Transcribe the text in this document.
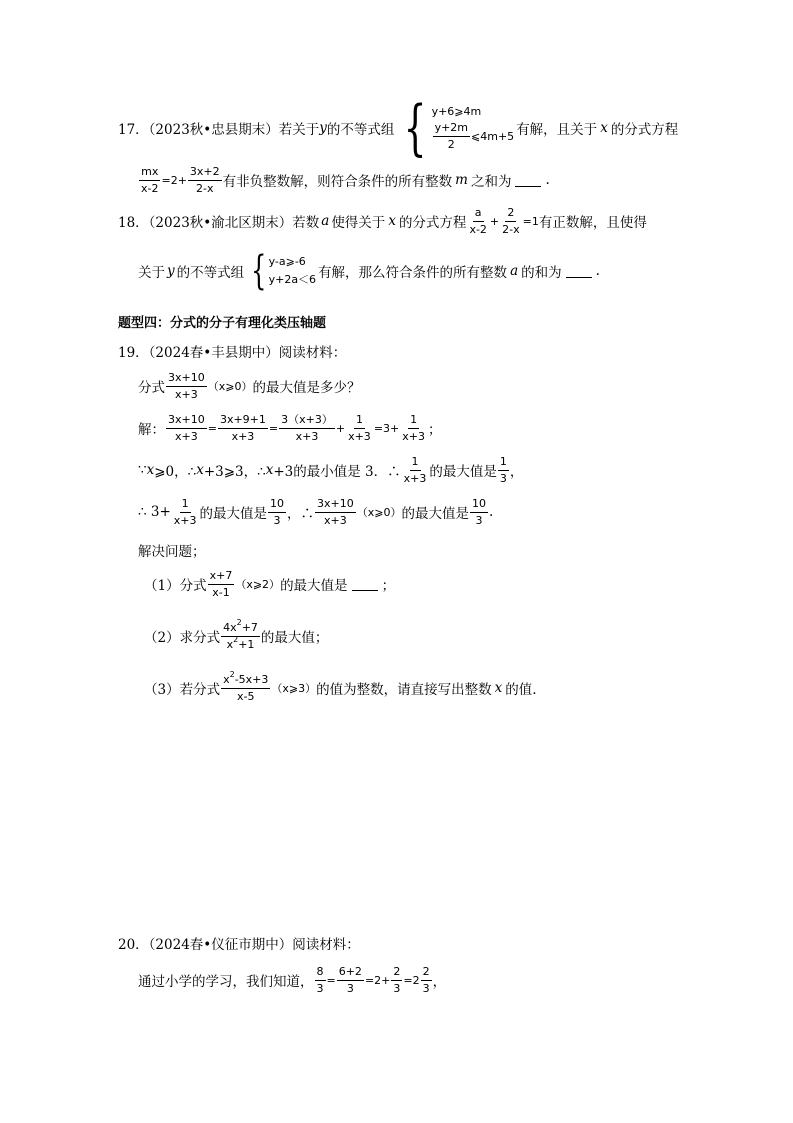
17．（2023秋•忠县期末）若关于 y 的不等式组 { y+6⩾4m
$\frac{y+2m}{2}$ ⩽4m+5 有解，且关于 x 的分式方程
$\frac{mx}{x-2} =2+ \frac{3x+2}{2-x}$ 有非负整数解，则符合条件的所有整数 m 之和为	.
18．（2023秋•渝北区期末）若数 a 使得关于 x 的分式方程 $\frac{a}{x-2} + \frac{2}{2-x} =1$ 有正数解，且使得
关于 y 的不等式组 { y-a⩾-6
y+2a＜6 有解，那么符合条件的所有整数 a 的和为	.
题型四：分式的分子有理化类压轴题
19．（2024春•丰县期中）阅读材料：
分式 $\frac{3x+10}{x+3}$ （x⩾0） 的最大值是多少？
解： $\frac{3x+10}{x+3} = \frac{3x+9+1}{x+3} = \frac{3(x+3)}{x+3} + \frac{1}{x+3} =3+ \frac{1}{x+3}$ ；
∵ x ⩾0，∴ x +3⩾3，∴ x +3的最小值是 3．∴ $\frac{1}{x+3}$ 的最大值是 $\frac{1}{3}$ ，
∴ $3+ \frac{1}{x+3}$ 的最大值是 $\frac{10}{3}$ ，∴ $\frac{3x+10}{x+3}$ （x⩾0） 的最大值是 $\frac{10}{3}$ .
解决问题；
（1）分式 $\frac{x+7}{x-1}$ （x⩾2） 的最大值是	；
（2）求分式 $\frac{4x^2+7}{x^2+1}$ 的最大值；
（3）若分式 $\frac{x^2-5x+3}{x-5}$ （x⩾3） 的值为整数，请直接写出整数 x 的值.
20．（2024春•仪征市期中）阅读材料：
通过小学的学习，我们知道， $\frac{8}{3} = \frac{6+2}{3} =2+ \frac{2}{3} =2 \frac{2}{3}$ ，
